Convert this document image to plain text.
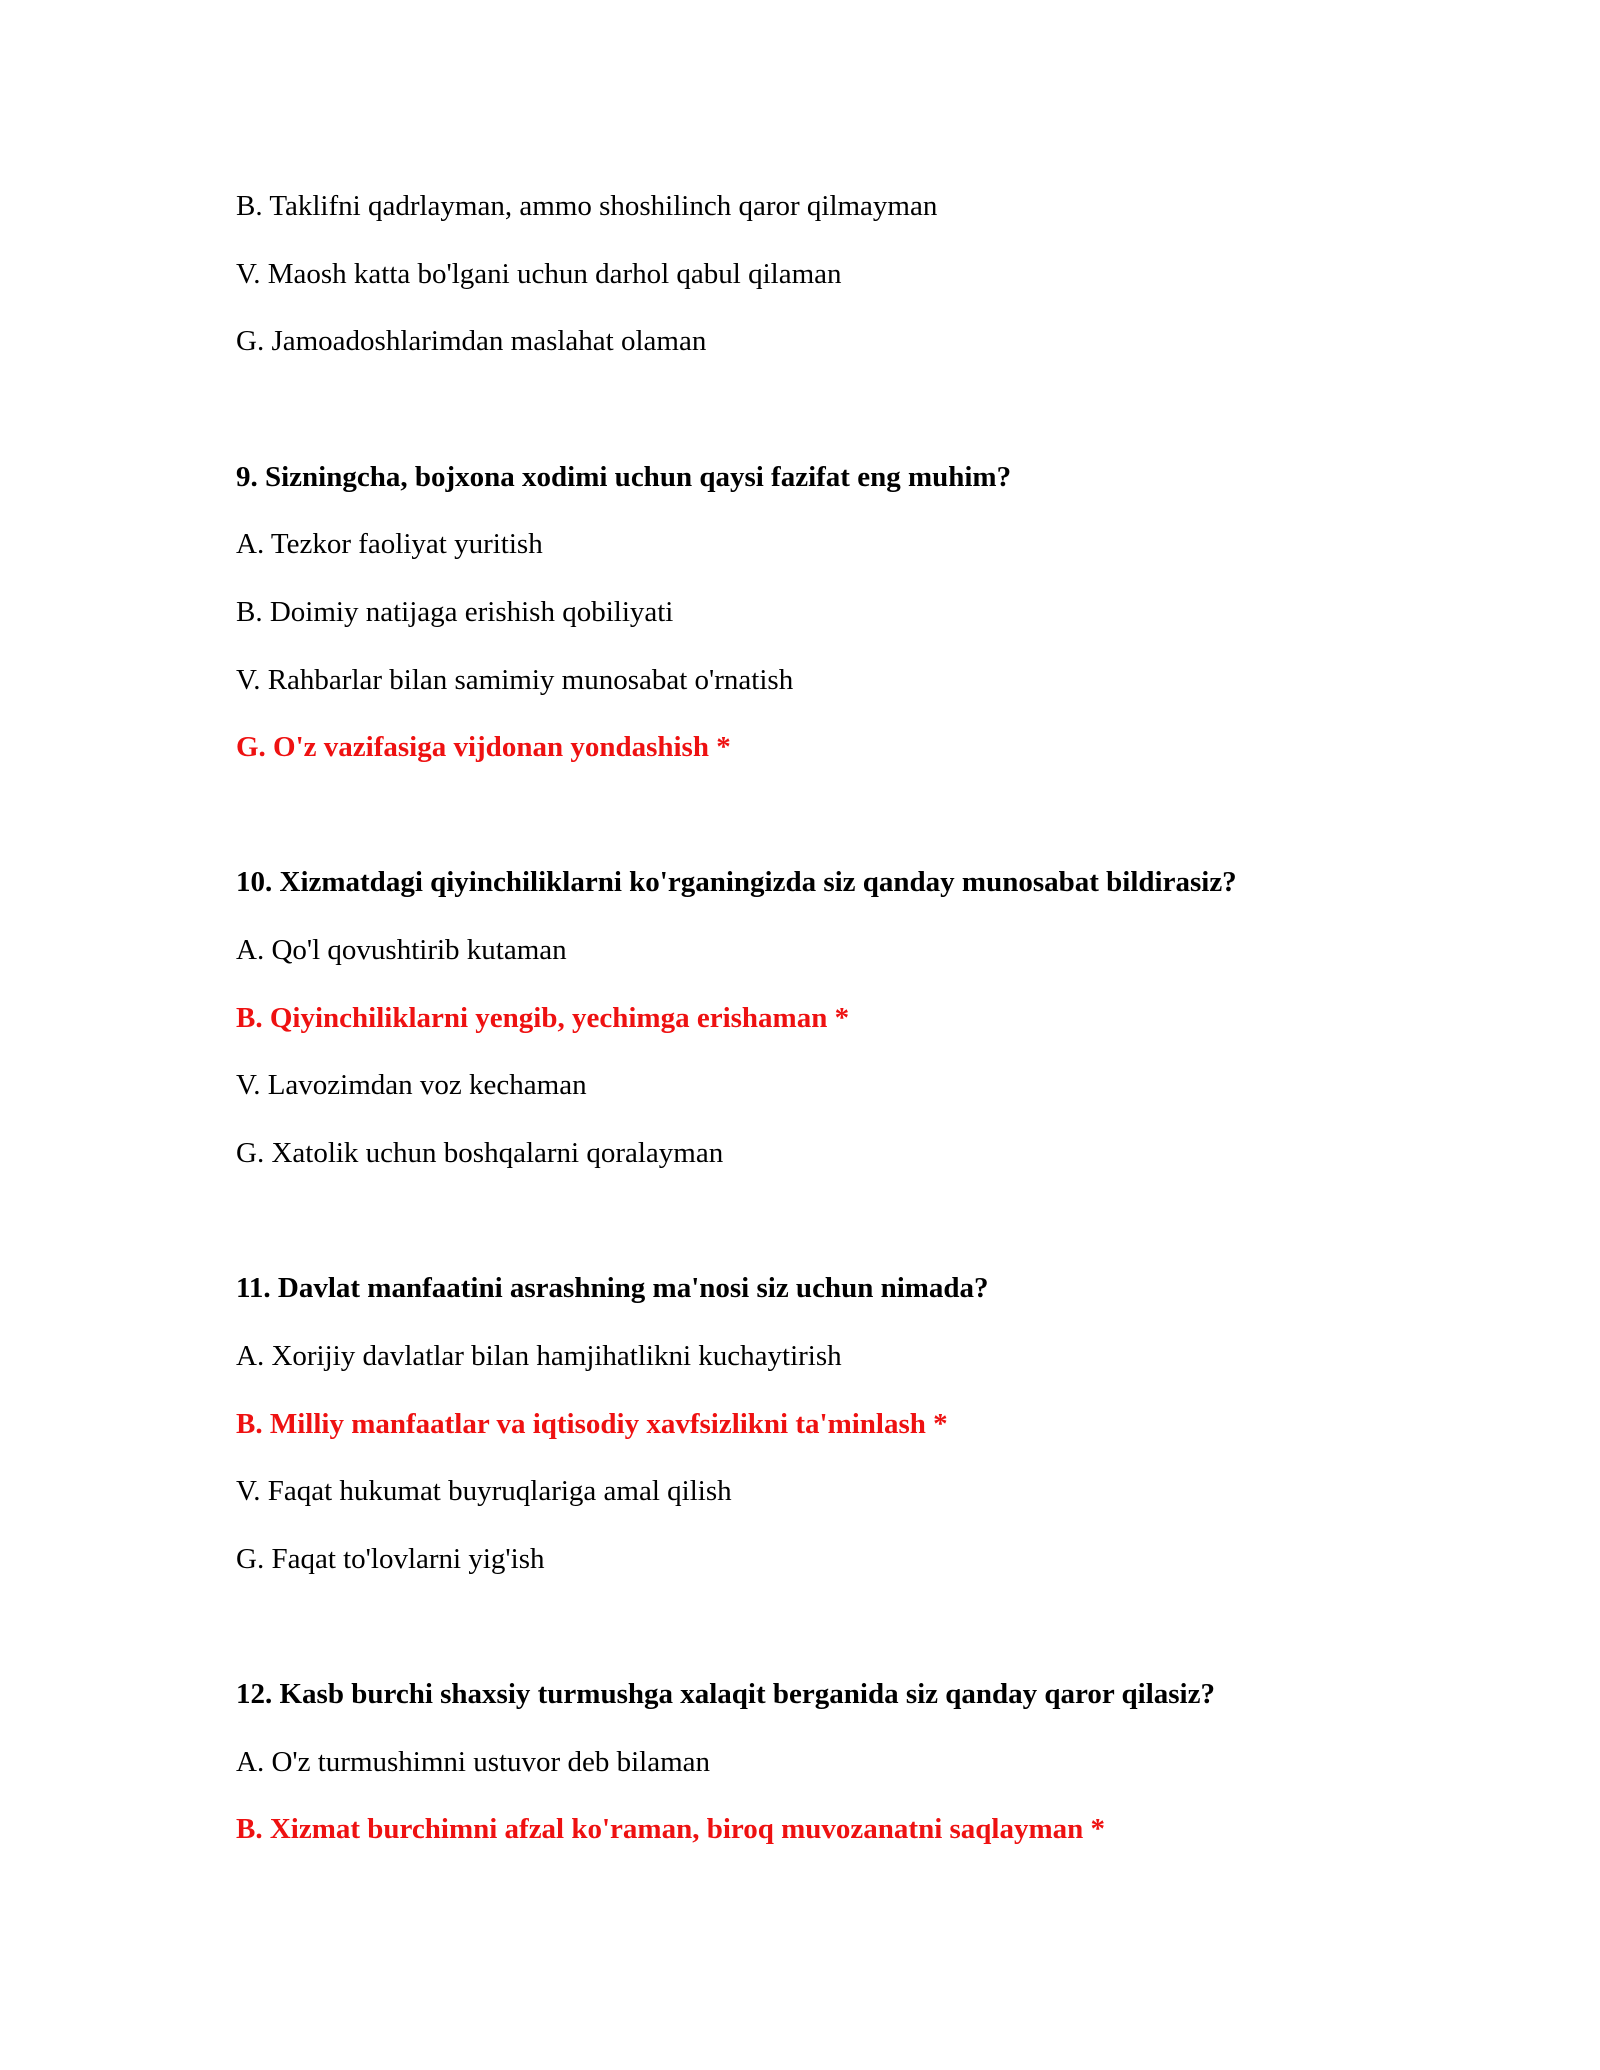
B. Taklifni qadrlayman, ammo shoshilinch qaror qilmayman
V. Maosh katta bo'lgani uchun darhol qabul qilaman
G. Jamoadoshlarimdan maslahat olaman
9. Sizningcha, bojxona xodimi uchun qaysi fazifat eng muhim?
A. Tezkor faoliyat yuritish
B. Doimiy natijaga erishish qobiliyati
V. Rahbarlar bilan samimiy munosabat o'rnatish
G. O'z vazifasiga vijdonan yondashish *
10. Xizmatdagi qiyinchiliklarni ko'rganingizda siz qanday munosabat bildirasiz?
A. Qo'l qovushtirib kutaman
B. Qiyinchiliklarni yengib, yechimga erishaman *
V. Lavozimdan voz kechaman
G. Xatolik uchun boshqalarni qoralayman
11. Davlat manfaatini asrashning ma'nosi siz uchun nimada?
A. Xorijiy davlatlar bilan hamjihatlikni kuchaytirish
B. Milliy manfaatlar va iqtisodiy xavfsizlikni ta'minlash *
V. Faqat hukumat buyruqlariga amal qilish
G. Faqat to'lovlarni yig'ish
12. Kasb burchi shaxsiy turmushga xalaqit berganida siz qanday qaror qilasiz?
A. O'z turmushimni ustuvor deb bilaman
B. Xizmat burchimni afzal ko'raman, biroq muvozanatni saqlayman *
